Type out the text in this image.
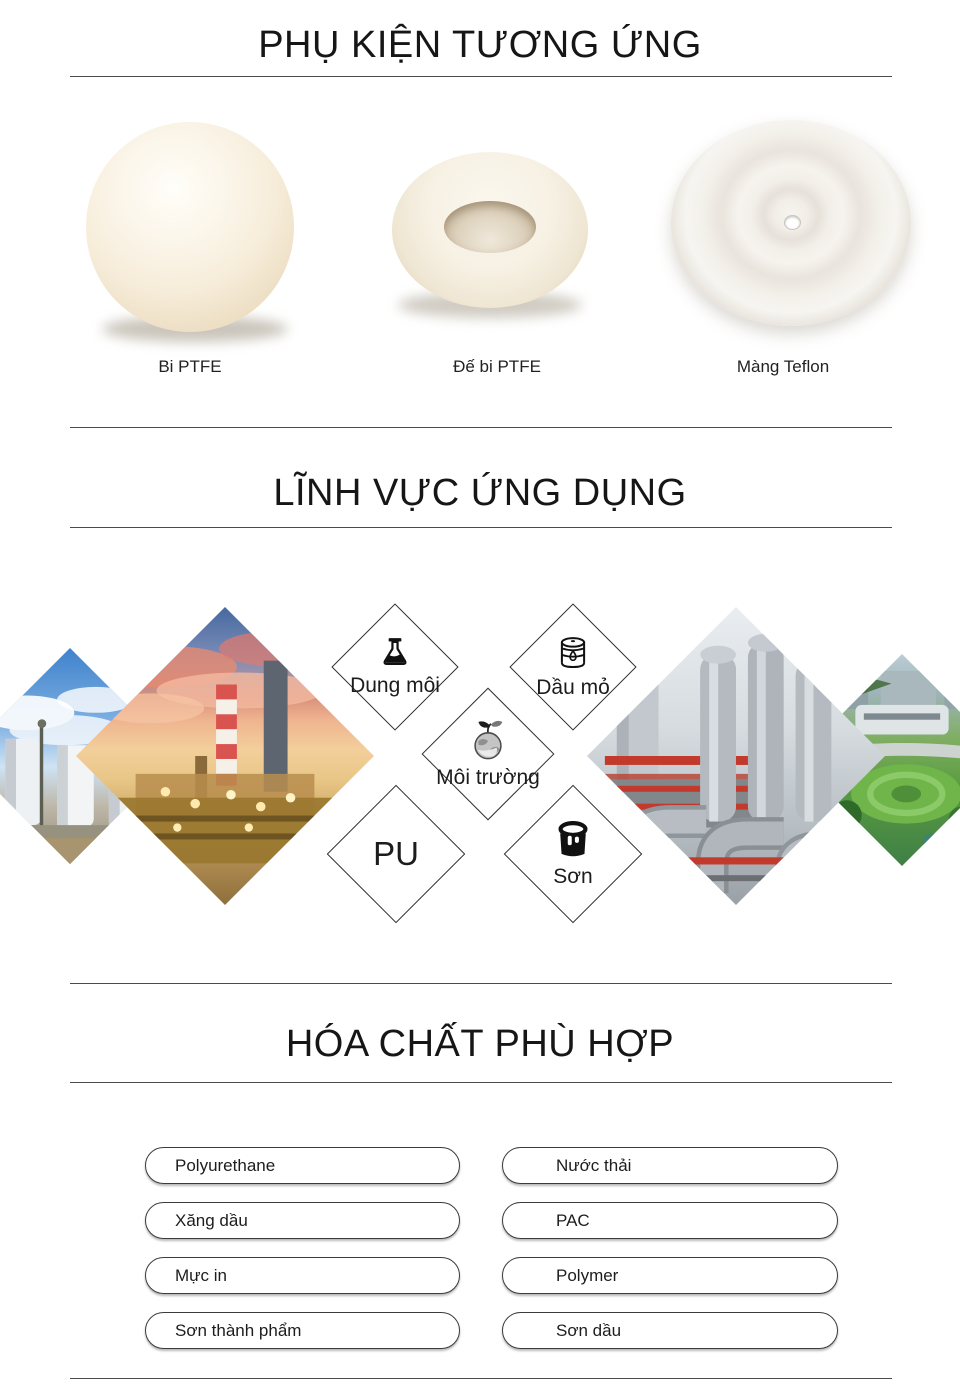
PHỤ KIỆN TƯƠNG ỨNG
Bi PTFE	Đế bi PTFE	Màng Teflon
LĨNH VỰC ỨNG DỤNG
Dung môi	Dầu mỏ
Môi trường
PU
Sơn
HÓA CHẤT PHÙ HỢP
Polyurethane
Xăng dầu
Mực in
Sơn thành phẩm
Nước thải
PAC
Polymer
Sơn dầu
